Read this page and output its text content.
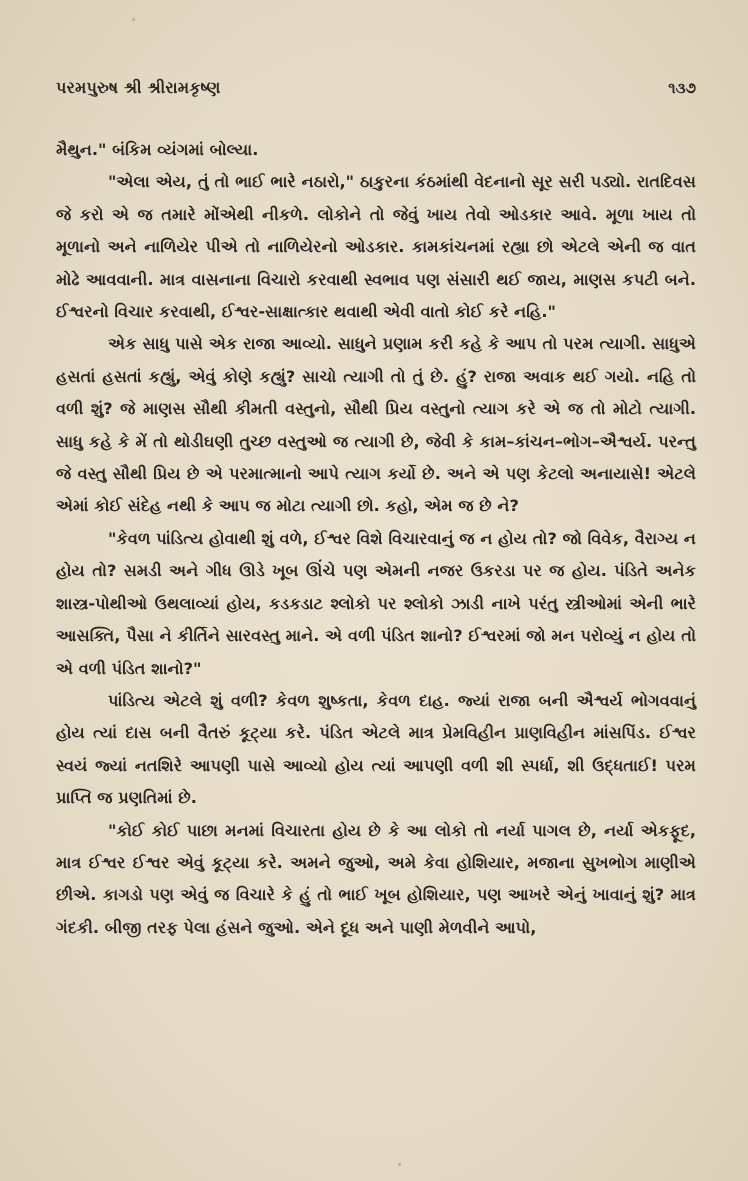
પરમપુરુષ શ્રી શ્રીરામકૃષ્ણ	૧૩૭

મૈથુન." બંકિમ વ્યંગમાં બોલ્યા.

"એલા એય, તું તો ભાઈ ભારે નઠારો," ઠાકુરના કંઠમાંથી વેદનાનો સૂર સરી પડ્યો. રાતદિવસ જે કરો એ જ તમારે મોંએથી નીકળે. લોકોને તો જેવું ખાય તેવો ઓડકાર આવે. મૂળા ખાય તો મૂળાનો અને નાળિયેર પીએ તો નાળિયેરનો ઓડકાર. કામકાંચનમાં રહ્યા છો એટલે એની જ વાત મોઢે આવવાની. માત્ર વાસનાના વિચારો કરવાથી સ્વભાવ પણ સંસારી થઈ જાય, માણસ કપટી બને. ઈશ્વરનો વિચાર કરવાથી, ઈશ્વર-સાક્ષાત્કાર થવાથી એવી વાતો કોઈ કરે નહિ."

એક સાધુ પાસે એક રાજા આવ્યો. સાધુને પ્રણામ કરી કહે કે આપ તો પરમ ત્યાગી. સાધુએ હસતાં હસતાં કહ્યું, એવું કોણે કહ્યું? સાચો ત્યાગી તો તું છે. હું? રાજા અવાક થઈ ગયો. નહિ તો વળી શું? જે માણસ સૌથી કીમતી વસ્તુનો, સૌથી પ્રિય વસ્તુનો ત્યાગ કરે એ જ તો મોટો ત્યાગી. સાધુ કહે કે મેં તો થોડીઘણી તુચ્છ વસ્તુઓ જ ત્યાગી છે, જેવી કે કામ–કાંચન–ભોગ–ઐશ્વર્ય. પરન્તુ જે વસ્તુ સૌથી પ્રિય છે એ પરમાત્માનો આપે ત્યાગ કર્યો છે. અને એ પણ કેટલો અનાયાસે! એટલે એમાં કોઈ સંદેહ નથી કે આપ જ મોટા ત્યાગી છો. કહો, એમ જ છે ને?

"કેવળ પાંડિત્ય હોવાથી શું વળે, ઈશ્વર વિશે વિચારવાનું જ ન હોય તો? જો વિવેક, વૈરાગ્ય ન હોય તો? સમડી અને ગીધ ઊડે ખૂબ ઊંચે પણ એમની નજર ઉકરડા પર જ હોય. પંડિતે અનેક શાસ્ત્ર-પોથીઓ ઉથલાવ્યાં હોય, કડકડાટ શ્લોકો પર શ્લોકો ઝાડી નાખે પરંતુ સ્ત્રીઓમાં એની ભારે આસક્તિ, પૈસા ને કીર્તિને સારવસ્તુ માને. એ વળી પંડિત શાનો? ઈશ્વરમાં જો મન પરોવ્યું ન હોય તો એ વળી પંડિત શાનો?"

પાંડિત્ય એટલે શું વળી? કેવળ શુષ્કતા, કેવળ દાહ. જ્યાં રાજા બની ઐશ્વર્ય ભોગવવાનું હોય ત્યાં દાસ બની વૈતરું કૂટ્યા કરે. પંડિત એટલે માત્ર પ્રેમવિહીન પ્રાણવિહીન માંસપિંડ. ઈશ્વર સ્વયં જ્યાં નતશિરે આપણી પાસે આવ્યો હોય ત્યાં આપણી વળી શી સ્પર્ધા, શી ઉદ્ધતાઈ! પરમ પ્રાપ્તિ જ પ્રણતિમાં છે.

"કોઈ કોઈ પાછા મનમાં વિચારતા હોય છે કે આ લોકો તો નર્યા પાગલ છે, નર્યા એકફૂદ, માત્ર ઈશ્વર ઈશ્વર એવું કૂટ્યા કરે. અમને જુઓ, અમે કેવા હોશિયાર, મજાના સુખભોગ માણીએ છીએ. કાગડો પણ એવું જ વિચારે કે હું તો ભાઈ ખૂબ હોશિયાર, પણ આખરે એનું ખાવાનું શું? માત્ર ગંદકી. બીજી તરફ પેલા હંસને જુઓ. એને દૂધ અને પાણી મેળવીને આપો,
